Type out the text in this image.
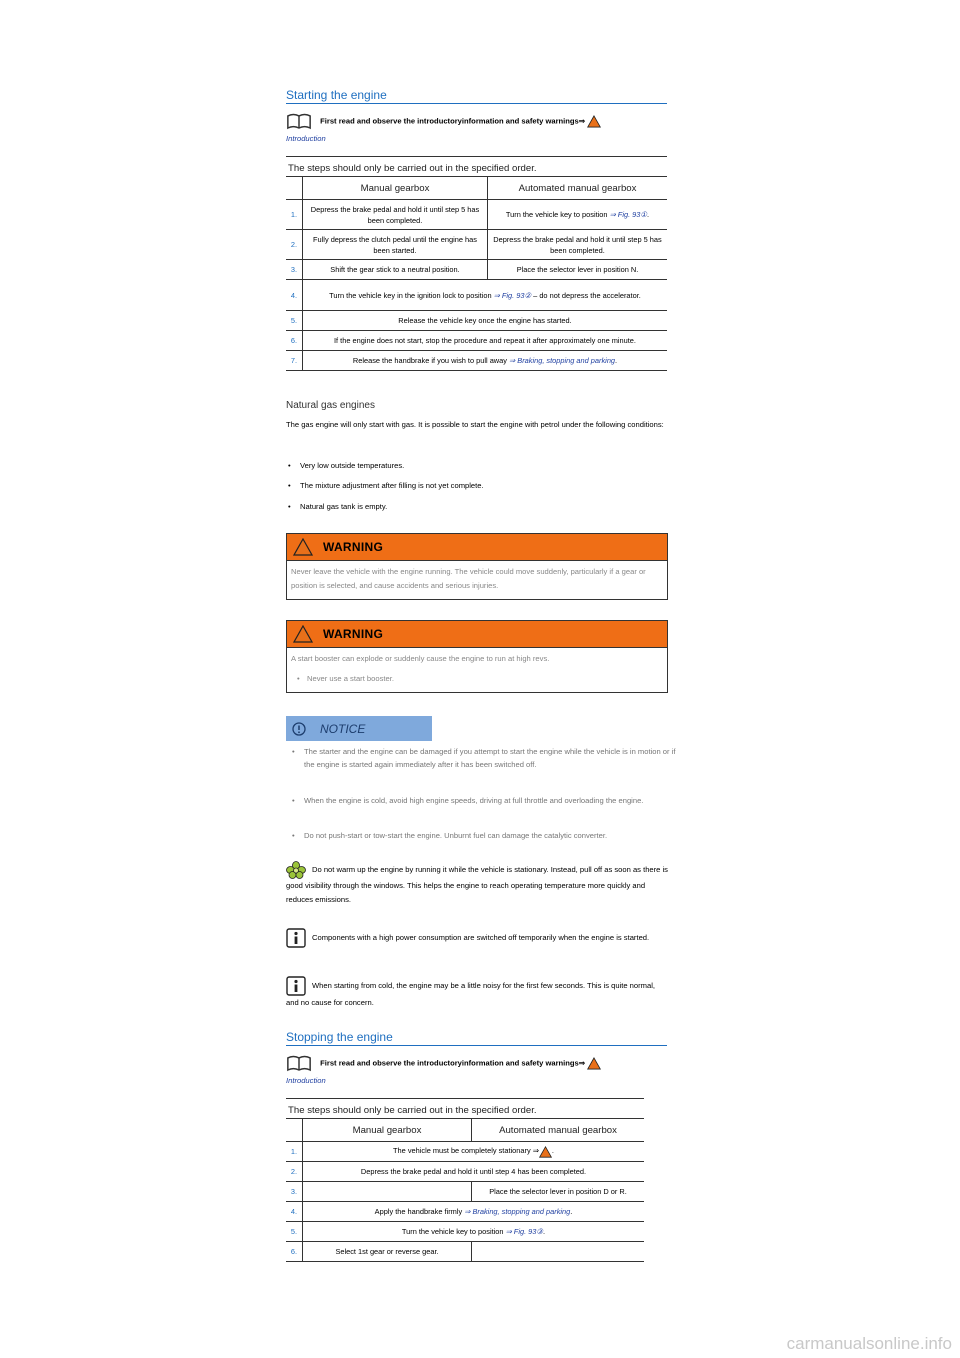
Starting the engine
First read and observe the introductoryinformation and safety warnings⇒
Introduction
The steps should only be carried out in the specified order.
	Manual gearbox	Automated manual gearbox
1.	Depress the brake pedal and hold it until step 5 has been completed.	Turn the vehicle key to position ⇒ Fig. 93①.
2.	Fully depress the clutch pedal until the engine has been started.	Depress the brake pedal and hold it until step 5 has been completed.
3.	Shift the gear stick to a neutral position.	Place the selector lever in position N.
4.	Turn the vehicle key in the ignition lock to position ⇒ Fig. 93② – do not depress the accelerator.	
5.	Release the vehicle key once the engine has started.	
6.	If the engine does not start, stop the procedure and repeat it after approximately one minute.	
7.	Release the handbrake if you wish to pull away ⇒ Braking, stopping and parking.	
Natural gas engines
The gas engine will only start with gas. It is possible to start the engine with petrol under the following conditions:
• Very low outside temperatures.
• The mixture adjustment after filling is not yet complete.
• Natural gas tank is empty.
WARNING
Never leave the vehicle with the engine running. The vehicle could move suddenly, particularly if a gear or position is selected, and cause accidents and serious injuries.
WARNING
A start booster can explode or suddenly cause the engine to run at high revs.
• Never use a start booster.
NOTICE
• The starter and the engine can be damaged if you attempt to start the engine while the vehicle is in motion or if the engine is started again immediately after it has been switched off.
• When the engine is cold, avoid high engine speeds, driving at full throttle and overloading the engine.
• Do not push-start or tow-start the engine. Unburnt fuel can damage the catalytic converter.
Do not warm up the engine by running it while the vehicle is stationary. Instead, pull off as soon as there is good visibility through the windows. This helps the engine to reach operating temperature more quickly and reduces emissions.
Components with a high power consumption are switched off temporarily when the engine is started.
When starting from cold, the engine may be a little noisy for the first few seconds. This is quite normal, and no cause for concern.
Stopping the engine
First read and observe the introductoryinformation and safety warnings⇒
Introduction
The steps should only be carried out in the specified order.
	Manual gearbox	Automated manual gearbox
1.	The vehicle must be completely stationary ⇒ .	
2.	Depress the brake pedal and hold it until step 4 has been completed.	
3.		Place the selector lever in position D or R.
4.	Apply the handbrake firmly ⇒ Braking, stopping and parking.	
5.	Turn the vehicle key to position ⇒ Fig. 93③.	
6.	Select 1st gear or reverse gear.	
carmanualsonline.info
